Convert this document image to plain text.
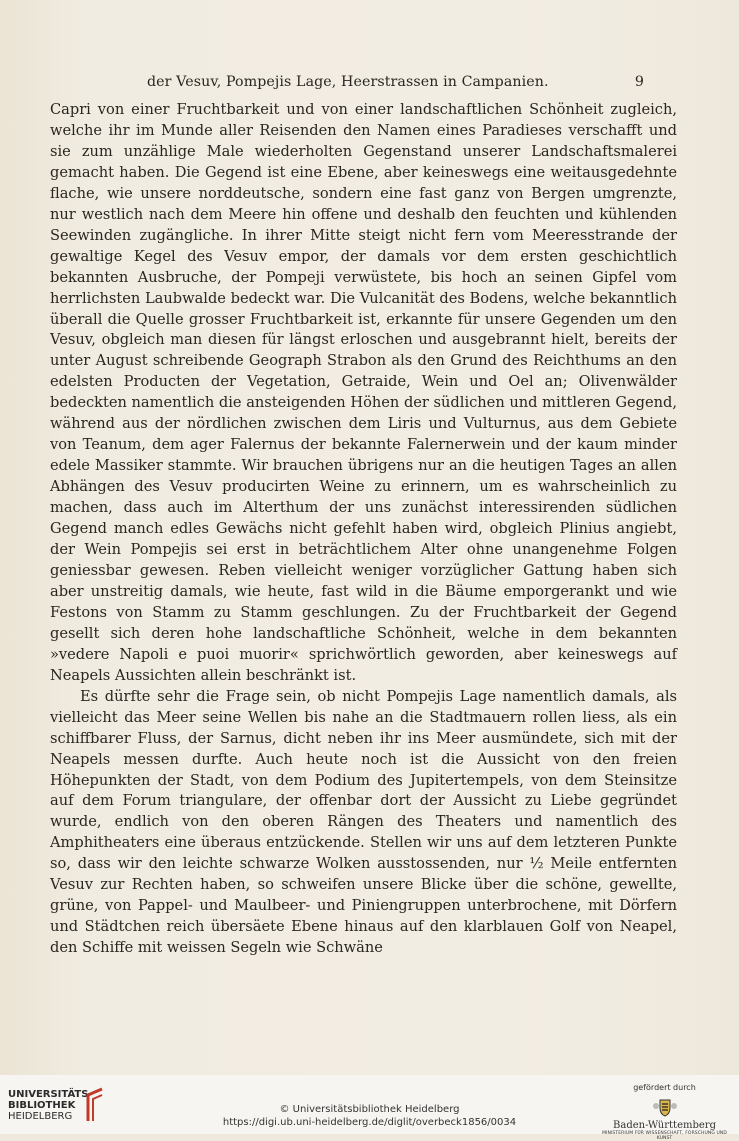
der Vesuv, Pompejis Lage, Heerstrassen in Campanien.	9

Capri von einer Fruchtbarkeit und von einer landschaftlichen Schönheit zugleich, welche ihr im Munde aller Reisenden den Namen eines Paradieses verschafft und sie zum unzählige Male wiederholten Gegenstand unserer Landschaftsmalerei gemacht haben. Die Gegend ist eine Ebene, aber keineswegs eine weitausgedehnte flache, wie unsere norddeutsche, sondern eine fast ganz von Bergen umgrenzte, nur westlich nach dem Meere hin offene und deshalb den feuchten und kühlenden Seewinden zugängliche. In ihrer Mitte steigt nicht fern vom Meeresstrande der gewaltige Kegel des Vesuv empor, der damals vor dem ersten geschichtlich bekannten Ausbruche, der Pompeji verwüstete, bis hoch an seinen Gipfel vom herrlichsten Laubwalde bedeckt war. Die Vulcanität des Bodens, welche bekanntlich überall die Quelle grosser Fruchtbarkeit ist, erkannte für unsere Gegenden um den Vesuv, obgleich man diesen für längst erloschen und ausgebrannt hielt, bereits der unter August schreibende Geograph Strabon als den Grund des Reichthums an den edelsten Producten der Vegetation, Getraide, Wein und Oel an; Olivenwälder bedeckten namentlich die ansteigenden Höhen der südlichen und mittleren Gegend, während aus der nördlichen zwischen dem Liris und Vulturnus, aus dem Gebiete von Teanum, dem ager Falernus der bekannte Falernerwein und der kaum minder edele Massiker stammte. Wir brauchen übrigens nur an die heutigen Tages an allen Abhängen des Vesuv producirten Weine zu erinnern, um es wahrscheinlich zu machen, dass auch im Alterthum der uns zunächst interessirenden südlichen Gegend manch edles Gewächs nicht gefehlt haben wird, obgleich Plinius angiebt, der Wein Pompejis sei erst in beträchtlichem Alter ohne unangenehme Folgen geniessbar gewesen. Reben vielleicht weniger vorzüglicher Gattung haben sich aber unstreitig damals, wie heute, fast wild in die Bäume emporgerankt und wie Festons von Stamm zu Stamm geschlungen. Zu der Fruchtbarkeit der Gegend gesellt sich deren hohe landschaftliche Schönheit, welche in dem bekannten »vedere Napoli e puoi muorir« sprichwörtlich geworden, aber keineswegs auf Neapels Aussichten allein beschränkt ist.

Es dürfte sehr die Frage sein, ob nicht Pompejis Lage namentlich damals, als vielleicht das Meer seine Wellen bis nahe an die Stadtmauern rollen liess, als ein schiffbarer Fluss, der Sarnus, dicht neben ihr ins Meer ausmündete, sich mit der Neapels messen durfte. Auch heute noch ist die Aussicht von den freien Höhepunkten der Stadt, von dem Podium des Jupitertempels, von dem Steinsitze auf dem Forum triangulare, der offenbar dort der Aussicht zu Liebe gegründet wurde, endlich von den oberen Rängen des Theaters und namentlich des Amphitheaters eine überaus entzückende. Stellen wir uns auf dem letzteren Punkte so, dass wir den leichte schwarze Wolken ausstossenden, nur ½ Meile entfernten Vesuv zur Rechten haben, so schweifen unsere Blicke über die schöne, gewellte, grüne, von Pappel- und Maulbeer- und Piniengruppen unterbrochene, mit Dörfern und Städtchen reich übersäete Ebene hinaus auf den klarblauen Golf von Neapel, den Schiffe mit weissen Segeln wie Schwäne

UNIVERSITÄTS-
BIBLIOTHEK
HEIDELBERG
© Universitätsbibliothek Heidelberg
https://digi.ub.uni-heidelberg.de/diglit/overbeck1856/0034
gefördert durch
Baden-Württemberg
MINISTERIUM FÜR WISSENSCHAFT, FORSCHUNG UND KUNST
